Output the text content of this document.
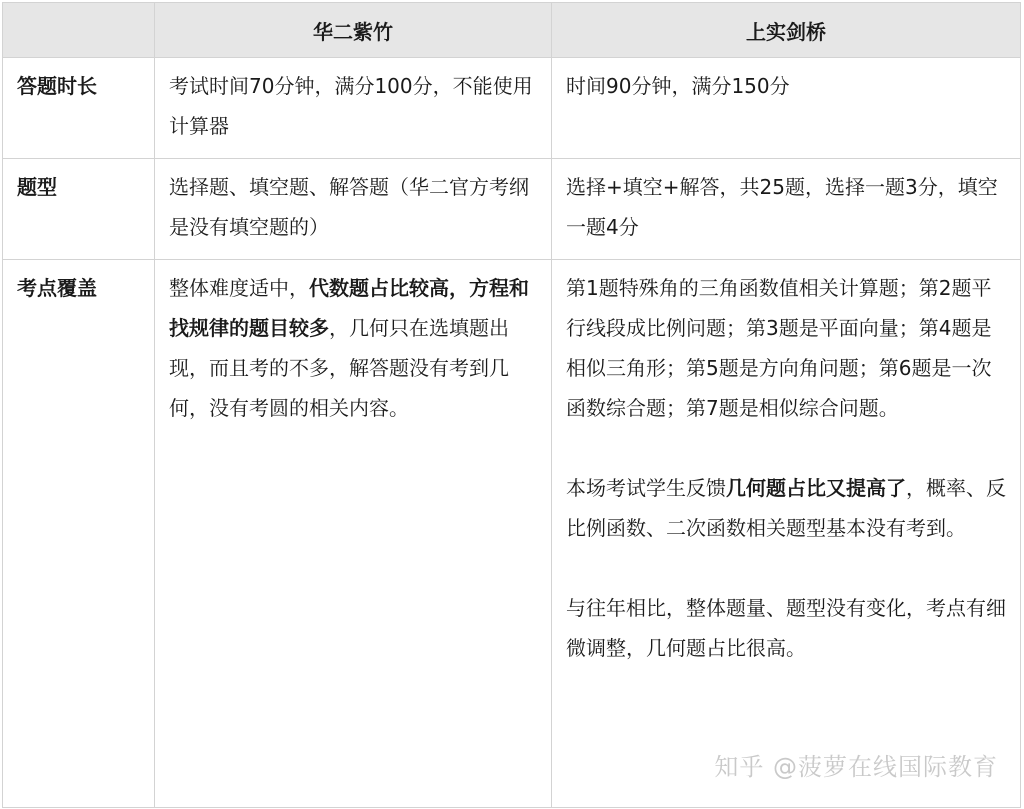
	华二紫竹	上实剑桥
答题时长	考试时间70分钟，满分100分，不能使用计算器	时间90分钟，满分150分
题型	选择题、填空题、解答题（华二官方考纲是没有填空题的）	选择+填空+解答，共25题，选择一题3分，填空一题4分
考点覆盖	整体难度适中，代数题占比较高，方程和找规律的题目较多，几何只在选填题出现，而且考的不多，解答题没有考到几何，没有考圆的相关内容。	第1题特殊角的三角函数值相关计算题；第2题平行线段成比例问题；第3题是平面向量；第4题是相似三角形；第5题是方向角问题；第6题是一次函数综合题；第7题是相似综合问题。

本场考试学生反馈几何题占比又提高了，概率、反比例函数、二次函数相关题型基本没有考到。

与往年相比，整体题量、题型没有变化，考点有细微调整，几何题占比很高。

知乎 @菠萝在线国际教育
